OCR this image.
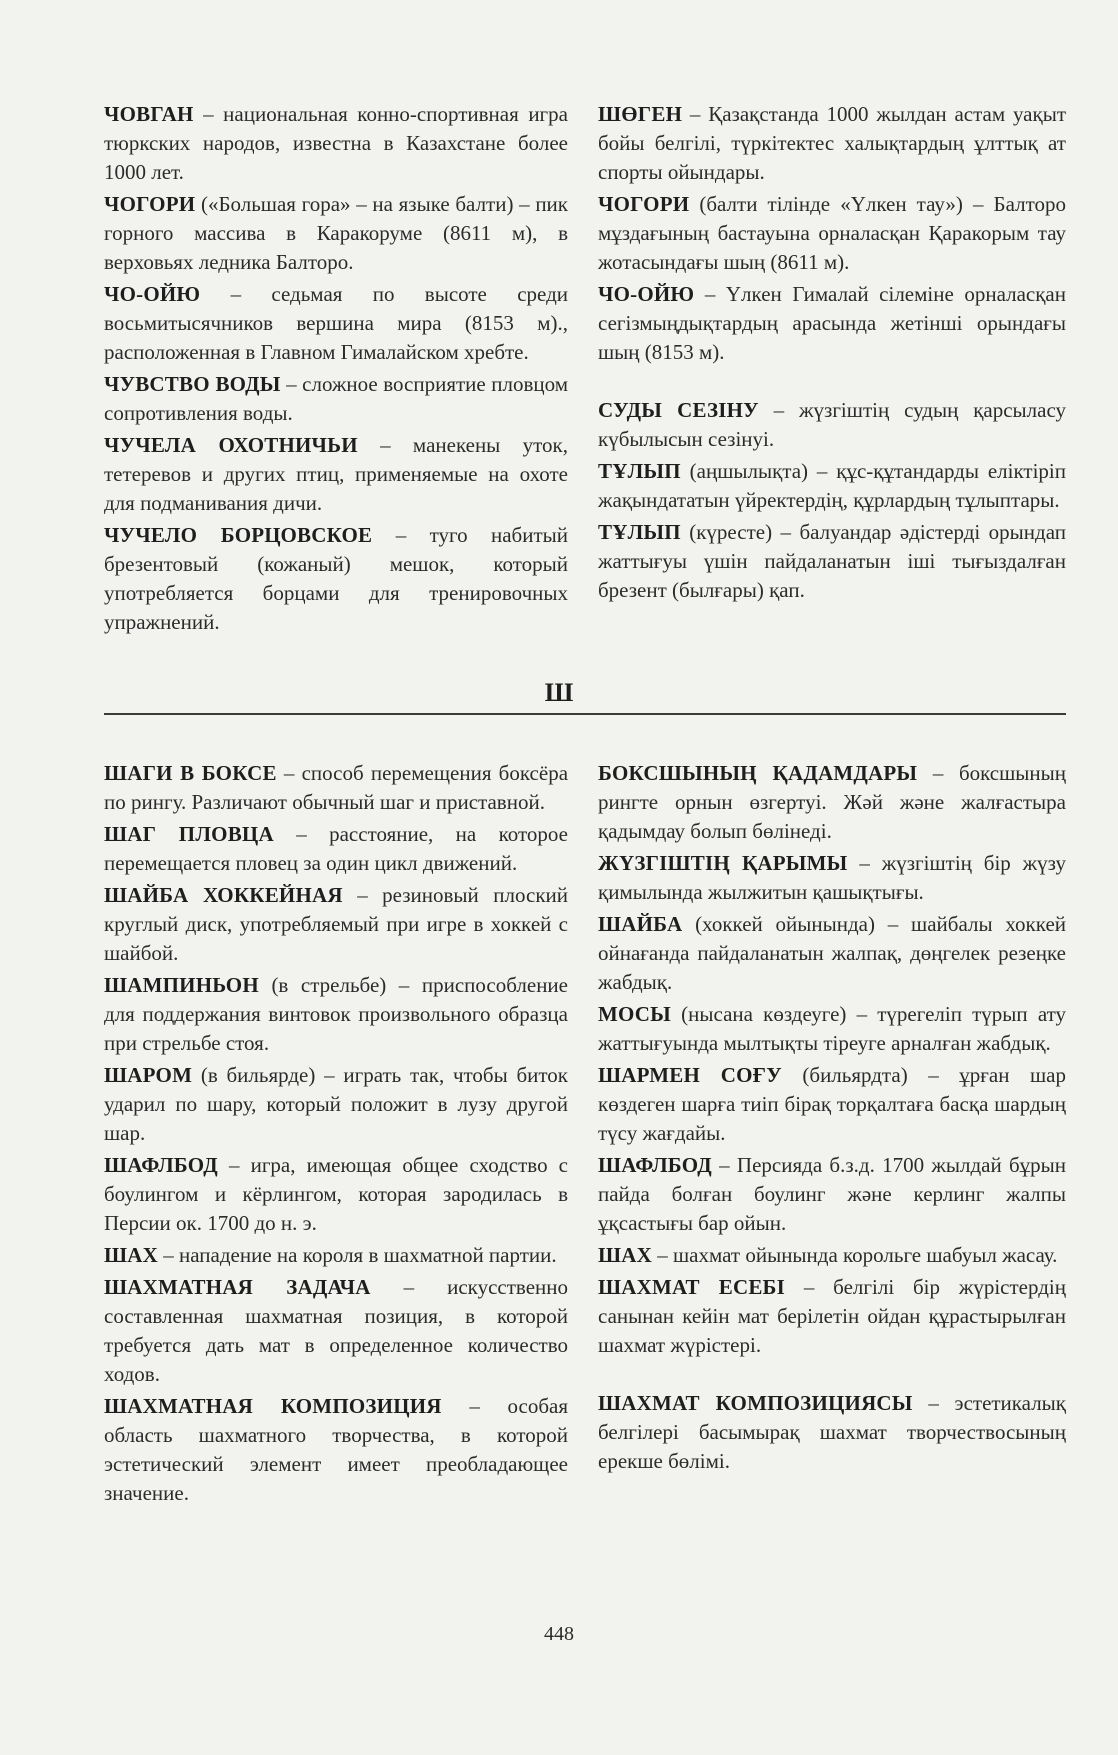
ЧОВГАН – национальная конно-спортивная игра тюркских народов, известна в Казахстане более 1000 лет.

ЧОГОРИ («Большая гора» – на языке балти) – пик горного массива в Каракоруме (8611 м), в верховьях ледника Балторо.

ЧО-ОЙЮ – седьмая по высоте среди восьмитысячников вершина мира (8153 м)., расположенная в Главном Гималайском хребте.

ЧУВСТВО ВОДЫ – сложное восприятие пловцом сопротивления воды.

ЧУЧЕЛА ОХОТНИЧЬИ – манекены уток, тетеревов и других птиц, применяемые на охоте для подманивания дичи.

ЧУЧЕЛО БОРЦОВСКОЕ – туго набитый брезентовый (кожаный) мешок, который употребляется борцами для тренировочных упражнений.

ШӨГЕН – Қазақстанда 1000 жылдан астам уақыт бойы белгілі, түркітектес халықтардың ұлттық ат спорты ойындары.

ЧОГОРИ (балти тілінде «Үлкен тау») – Балторо мұздағының бастауына орналасқан Қаракорым тау жотасындағы шың (8611 м).

ЧО-ОЙЮ – Үлкен Гималай сілеміне орналасқан сегізмыңдықтардың арасында жетінші орындағы шың (8153 м).

СУДЫ СЕЗІНУ – жүзгіштің судың қарсыласу күбылысын сезінуі.

ТҰЛЫП (аңшылықта) – құс-құтандарды еліктіріп жақындататын үйректердің, құрлардың тұлыптары.

ТҰЛЫП (күресте) – балуандар әдістерді орындап жаттығуы үшін пайдаланатын іші тығыздалған брезент (былғары) қап.

Ш

ШАГИ В БОКСЕ – способ перемещения боксёра по рингу. Различают обычный шаг и приставной.

ШАГ ПЛОВЦА – расстояние, на которое перемещается пловец за один цикл движений.

ШАЙБА ХОККЕЙНАЯ – резиновый плоский круглый диск, употребляемый при игре в хоккей с шайбой.

ШАМПИНЬОН (в стрельбе) – приспособление для поддержания винтовок произвольного образца при стрельбе стоя.

ШАРОМ (в бильярде) – играть так, чтобы биток ударил по шару, который положит в лузу другой шар.

ШАФЛБОД – игра, имеющая общее сходство с боулингом и кёрлингом, которая зародилась в Персии ок. 1700 до н. э.

ШАХ – нападение на короля в шахматной партии.

ШАХМАТНАЯ ЗАДАЧА – искусственно составленная шахматная позиция, в которой требуется дать мат в определенное количество ходов.

ШАХМАТНАЯ КОМПОЗИЦИЯ – особая область шахматного творчества, в которой эстетический элемент имеет преобладающее значение.

БОКСШЫНЫҢ ҚАДАМДАРЫ – боксшының рингте орнын өзгертуі. Жәй және жалғастыра қадымдау болып бөлінеді.

ЖҮЗГІШТІҢ ҚАРЫМЫ – жүзгіштің бір жүзу қимылында жылжитын қашықтығы.

ШАЙБА (хоккей ойынында) – шайбалы хоккей ойнағанда пайдаланатын жалпақ, дөңгелек резеңке жабдық.

МОСЫ (нысана көздеуге) – түрегеліп түрып ату жаттығуында мылтықты тіреуге арналған жабдық.

ШАРМЕН СОҒУ (бильярдта) – ұрған шар көздеген шарға тиіп бірақ торқалтаға басқа шардың түсу жағдайы.

ШАФЛБОД – Персияда б.з.д. 1700 жылдай бұрын пайда болған боулинг және керлинг жалпы ұқсастығы бар ойын.

ШАХ – шахмат ойынында корольге шабуыл жасау.

ШАХМАТ ЕСЕБІ – белгілі бір жүрістердің санынан кейін мат берілетін ойдан құрастырылған шахмат жүрістері.

ШАХМАТ КОМПОЗИЦИЯСЫ – эстетикалық белгілері басымырақ шахмат творчествосының ерекше бөлімі.

448
